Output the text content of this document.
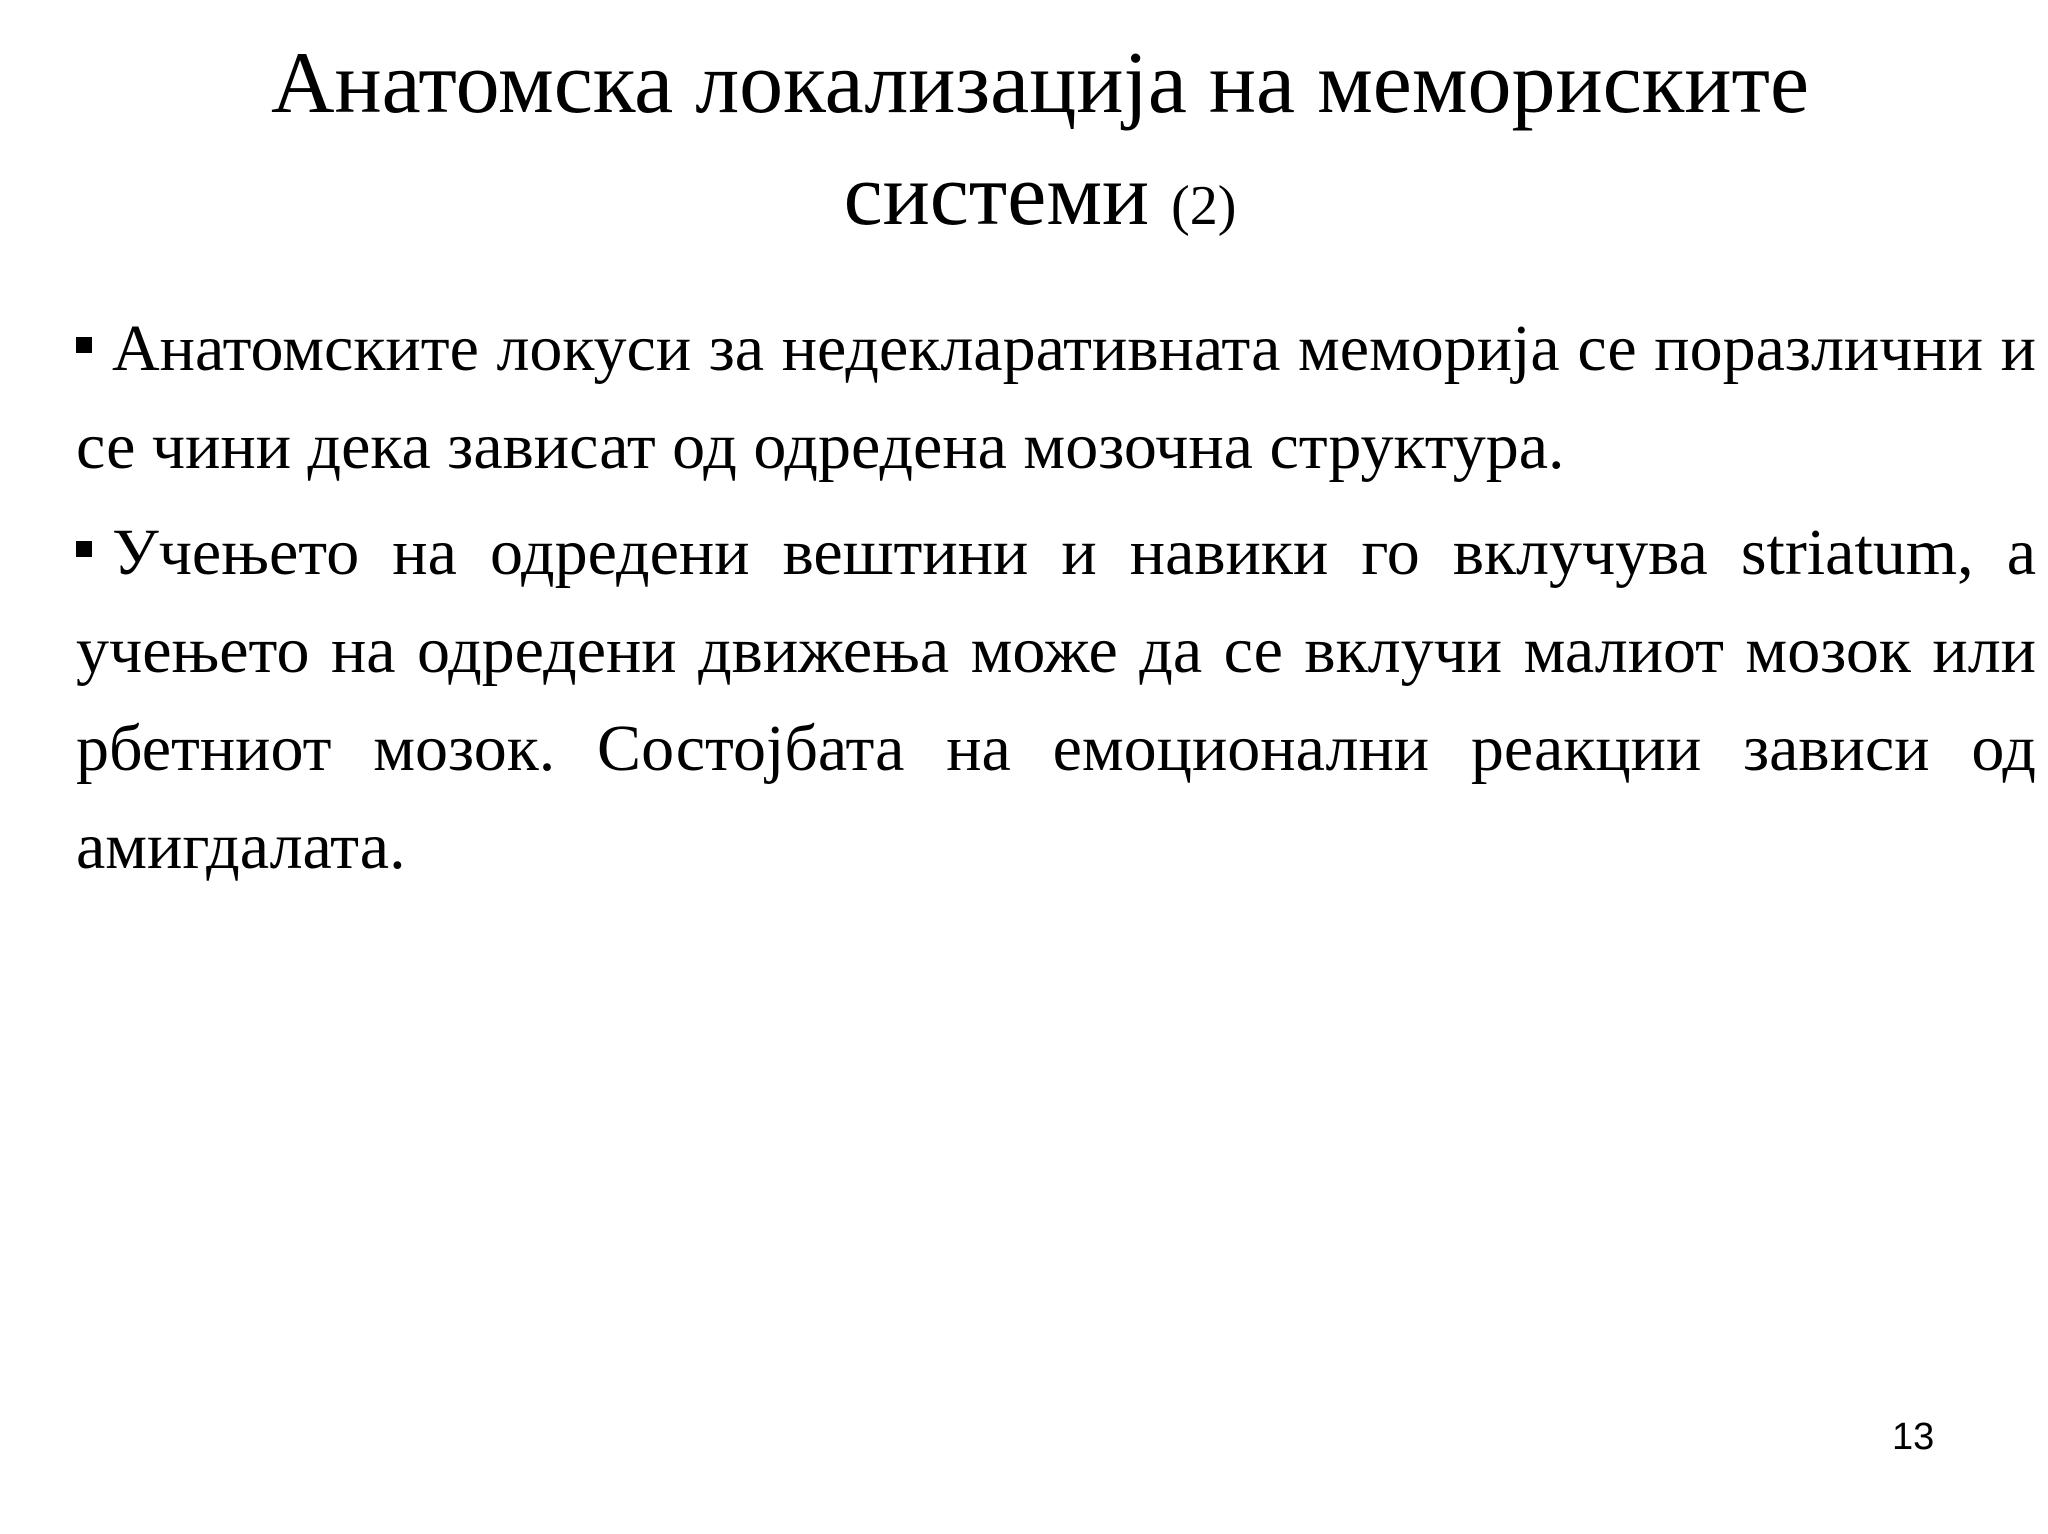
Анатомска локализација на мемориските системи (2)

Анатомските локуси за недекларативната меморија се поразлични и се чини дека зависат од одредена мозочна структура.

Учењето на одредени вештини и навики го вклучува striatum, а учењето на одредени движења може да се вклучи малиот мозок или рбетниот мозок. Состојбата на емоционални реакции зависи од амигдалата.

13
